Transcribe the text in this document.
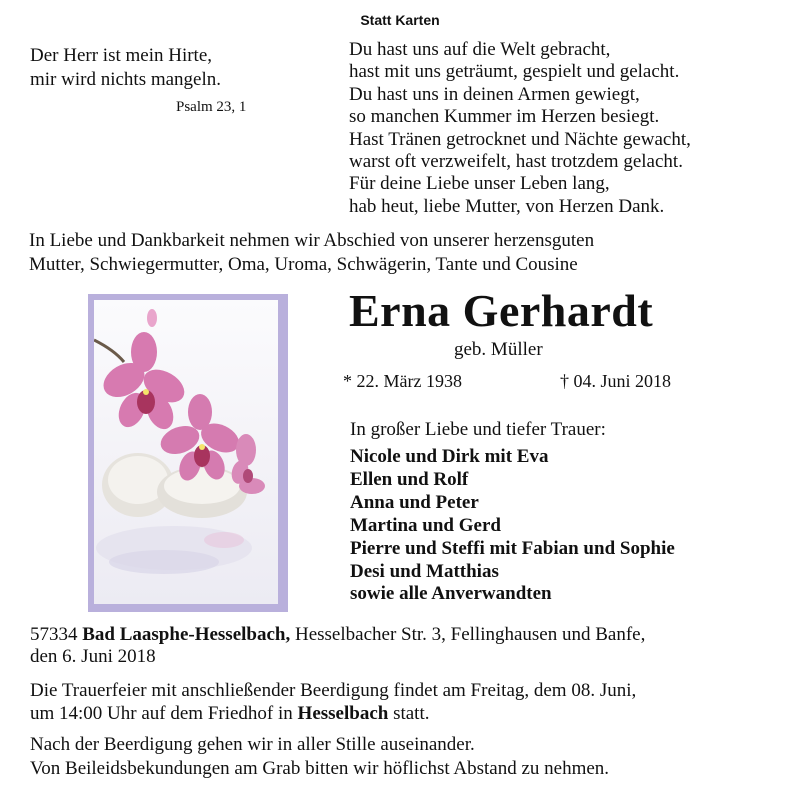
Statt Karten
Der Herr ist mein Hirte,
mir wird nichts mangeln.
Psalm 23, 1
Du hast uns auf die Welt gebracht,
hast mit uns geträumt, gespielt und gelacht.
Du hast uns in deinen Armen gewiegt,
so manchen Kummer im Herzen besiegt.
Hast Tränen getrocknet und Nächte gewacht,
warst oft verzweifelt, hast trotzdem gelacht.
Für deine Liebe unser Leben lang,
hab heut, liebe Mutter, von Herzen Dank.
In Liebe und Dankbarkeit nehmen wir Abschied von unserer herzensguten
Mutter, Schwiegermutter, Oma, Uroma, Schwägerin, Tante und Cousine
Erna Gerhardt
geb. Müller
* 22. März 1938	† 04. Juni 2018
In großer Liebe und tiefer Trauer:
Nicole und Dirk mit Eva
Ellen und Rolf
Anna und Peter
Martina und Gerd
Pierre und Steffi mit Fabian und Sophie
Desi und Matthias
sowie alle Anverwandten
57334 Bad Laasphe-Hesselbach, Hesselbacher Str. 3, Fellinghausen und Banfe,
den 6. Juni 2018
Die Trauerfeier mit anschließender Beerdigung findet am Freitag, dem 08. Juni,
um 14:00 Uhr auf dem Friedhof in Hesselbach statt.
Nach der Beerdigung gehen wir in aller Stille auseinander.
Von Beileidsbekundungen am Grab bitten wir höflichst Abstand zu nehmen.
